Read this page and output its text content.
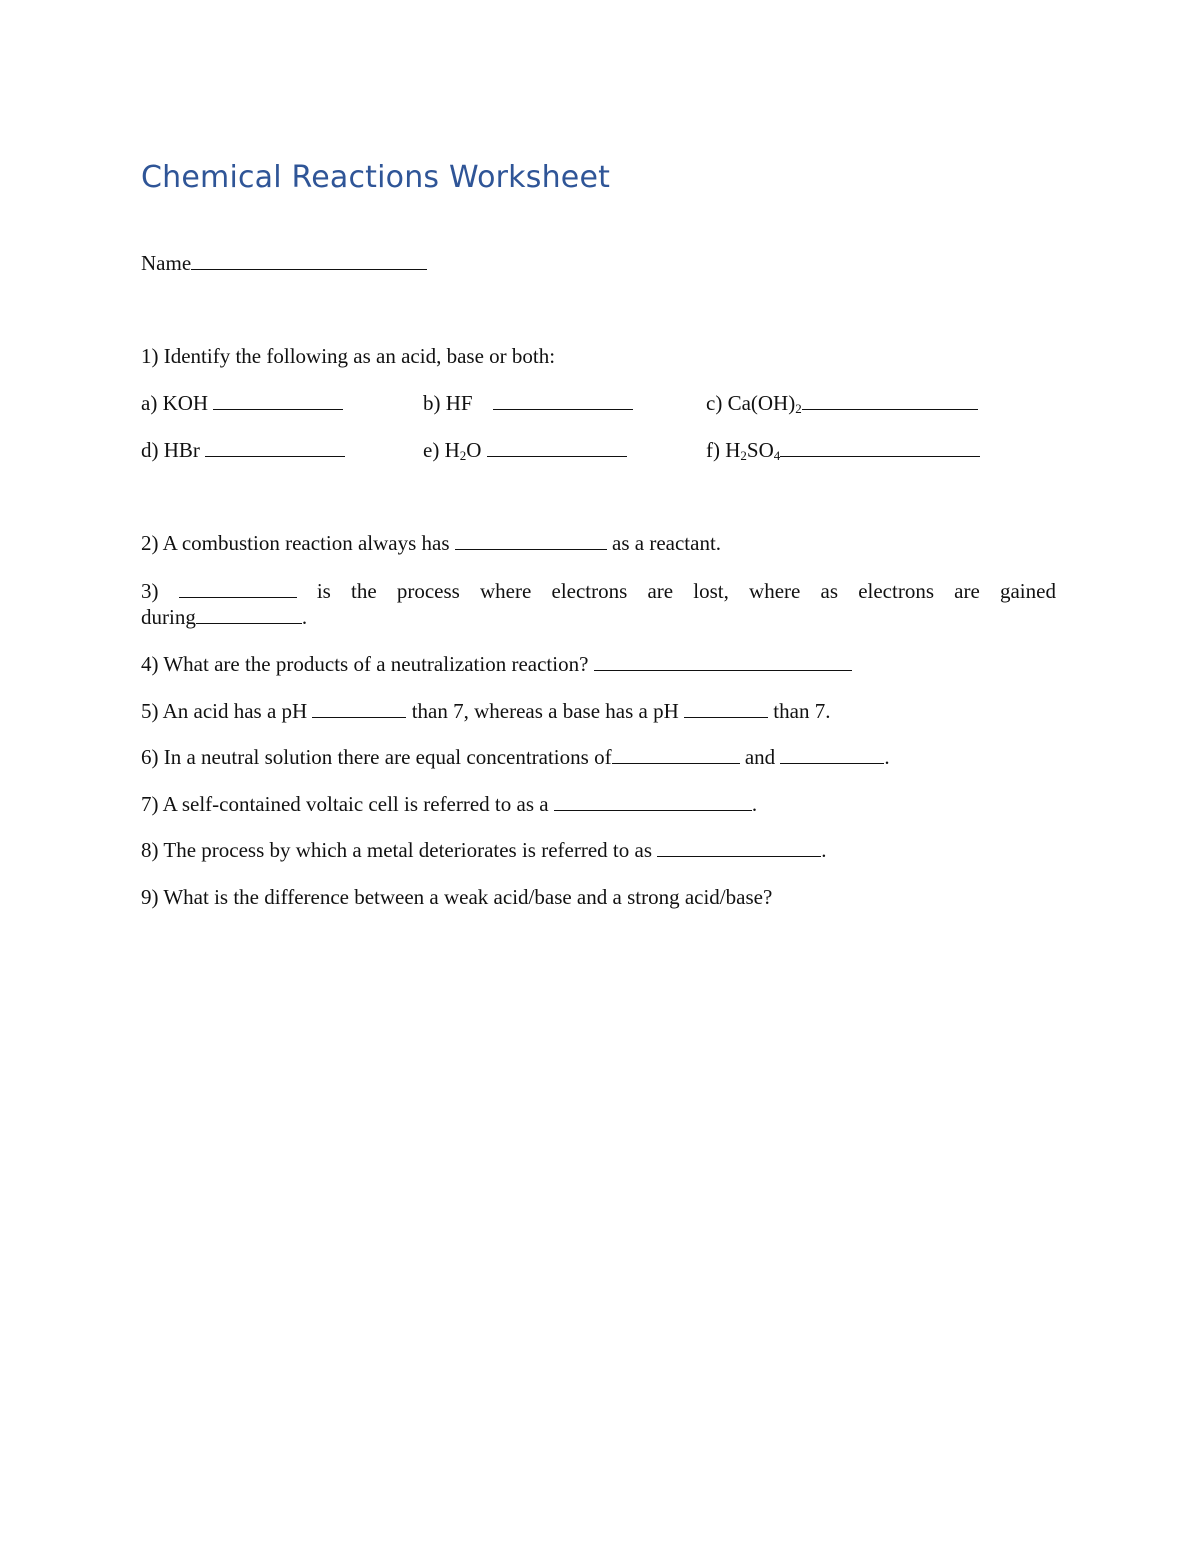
Chemical Reactions Worksheet
Name
1) Identify the following as an acid, base or both:
a) KOH	b) HF	c) $Ca(OH)_2$
d) HBr	e) $H_2O$	f) $H_2SO_4$
2) A combustion reaction always has	as a reactant.
3)	is the process where electrons are lost, where as electrons are gained
during	.
4) What are the products of a neutralization reaction?
5) An acid has a pH	than 7, whereas a base has a pH	than 7.
6) In a neutral solution there are equal concentrations of	and	.
7) A self-contained voltaic cell is referred to as a	.
8) The process by which a metal deteriorates is referred to as	.
9) What is the difference between a weak acid/base and a strong acid/base?
